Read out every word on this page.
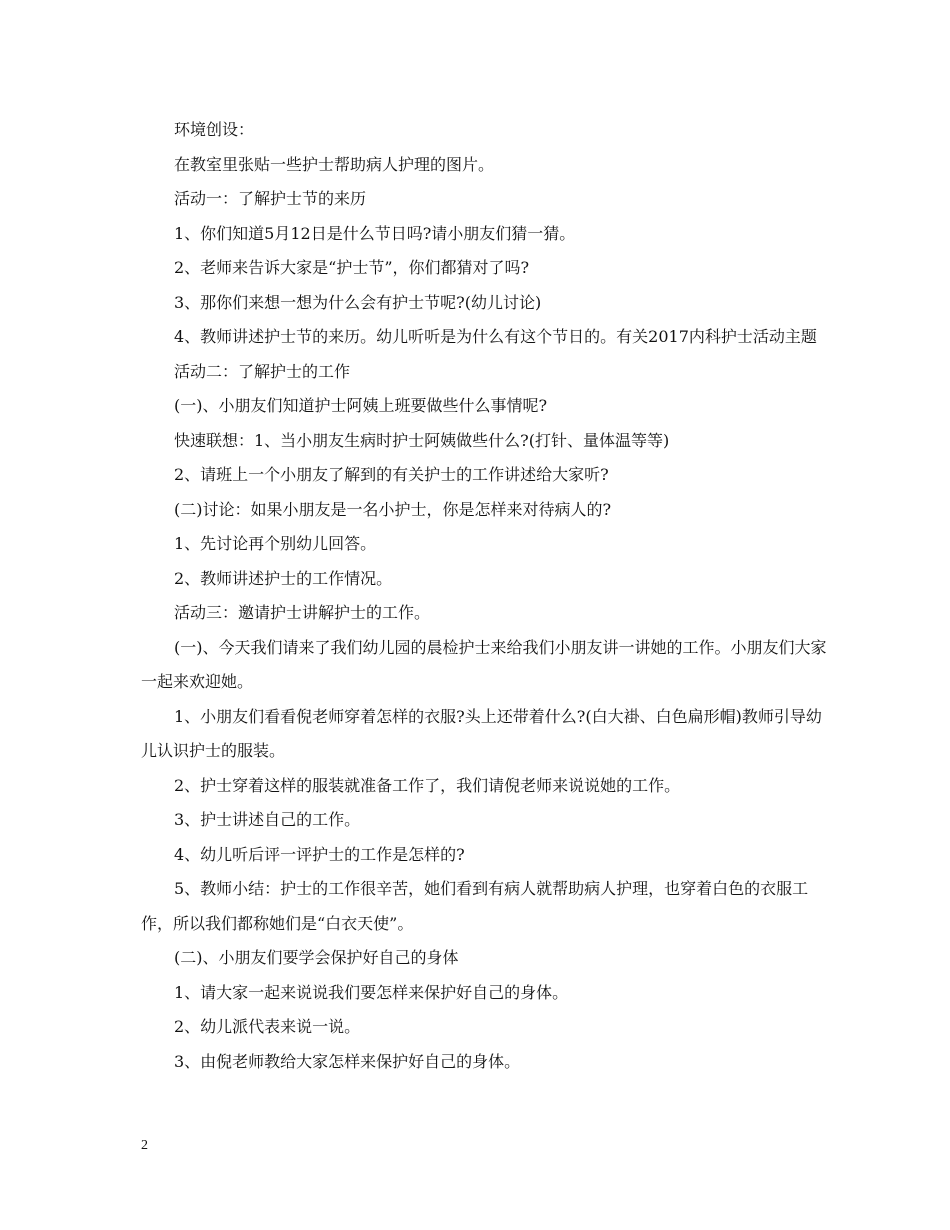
环境创设：

在教室里张贴一些护士帮助病人护理的图片。

活动一：了解护士节的来历

1、你们知道5月12日是什么节日吗?请小朋友们猜一猜。

2、老师来告诉大家是“护士节”，你们都猜对了吗?

3、那你们来想一想为什么会有护士节呢?(幼儿讨论)

4、教师讲述护士节的来历。幼儿听听是为什么有这个节日的。有关2017内科护士活动主题

活动二：了解护士的工作

(一)、小朋友们知道护士阿姨上班要做些什么事情呢?

快速联想：1、当小朋友生病时护士阿姨做些什么?(打针、量体温等等)

2、请班上一个小朋友了解到的有关护士的工作讲述给大家听?

(二)讨论：如果小朋友是一名小护士，你是怎样来对待病人的?

1、先讨论再个别幼儿回答。

2、教师讲述护士的工作情况。

活动三：邀请护士讲解护士的工作。

(一)、今天我们请来了我们幼儿园的晨检护士来给我们小朋友讲一讲她的工作。小朋友们大家一起来欢迎她。

1、小朋友们看看倪老师穿着怎样的衣服?头上还带着什么?(白大褂、白色扁形帽)教师引导幼儿认识护士的服装。

2、护士穿着这样的服装就准备工作了，我们请倪老师来说说她的工作。

3、护士讲述自己的工作。

4、幼儿听后评一评护士的工作是怎样的?

5、教师小结：护士的工作很辛苦，她们看到有病人就帮助病人护理，也穿着白色的衣服工作，所以我们都称她们是“白衣天使”。

(二)、小朋友们要学会保护好自己的身体

1、请大家一起来说说我们要怎样来保护好自己的身体。

2、幼儿派代表来说一说。

3、由倪老师教给大家怎样来保护好自己的身体。

2
